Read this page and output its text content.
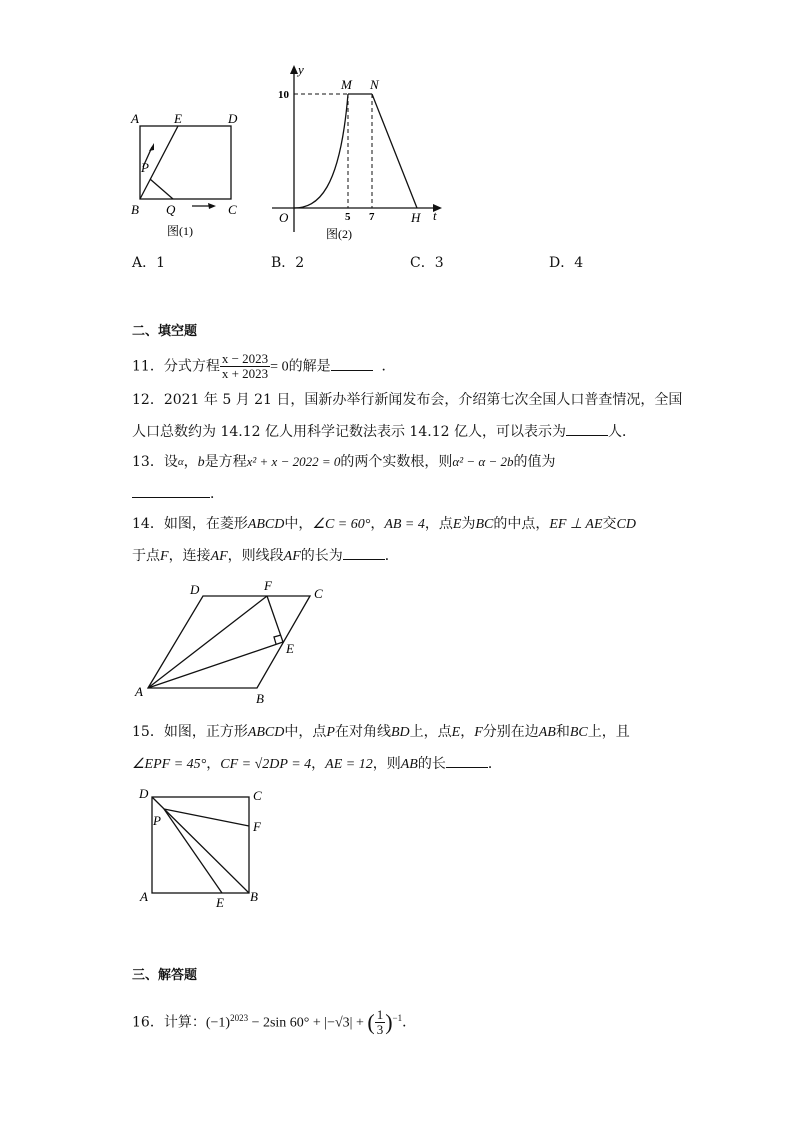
A	E	D
P
B Q	C
图(1)
y
t
O
M N
H
10
5 7
图(2)
A．1	B．2	C．3	D．4
二、填空题
11．分式方程 $\frac{x - 2023}{x + 2023} = 0$的解是	．
12．2021 年 5 月 21 日，国新办举行新闻发布会，介绍第七次全国人口普查情况，全国
人口总数约为 14.12 亿人用科学记数法表示 14.12 亿人，可以表示为	人．
13．设$^\alpha$，b是方程x² + x − 2022 = 0的两个实数根，则α² − α − 2b的值为
．
14．如图，在菱形ABCD中，∠C = 60°，AB = 4，点E为BC的中点，EF ⊥ AE交CD
于点F，连接AF，则线段AF的长为	．
D	F
C
E
A	B
15．如图，正方形ABCD中，点P在对角线BD上，点E，F分别在边AB和BC上，且
∠EPF = 45°，CF = √2DP = 4，AE = 12，则AB的长	．
D	C
P	F
A	E B
三、解答题
16．计算：$(-1)^{2023} - 2\sin$ 60° + |−√3| + ( $\frac{1}{3} )^{-1}$．
